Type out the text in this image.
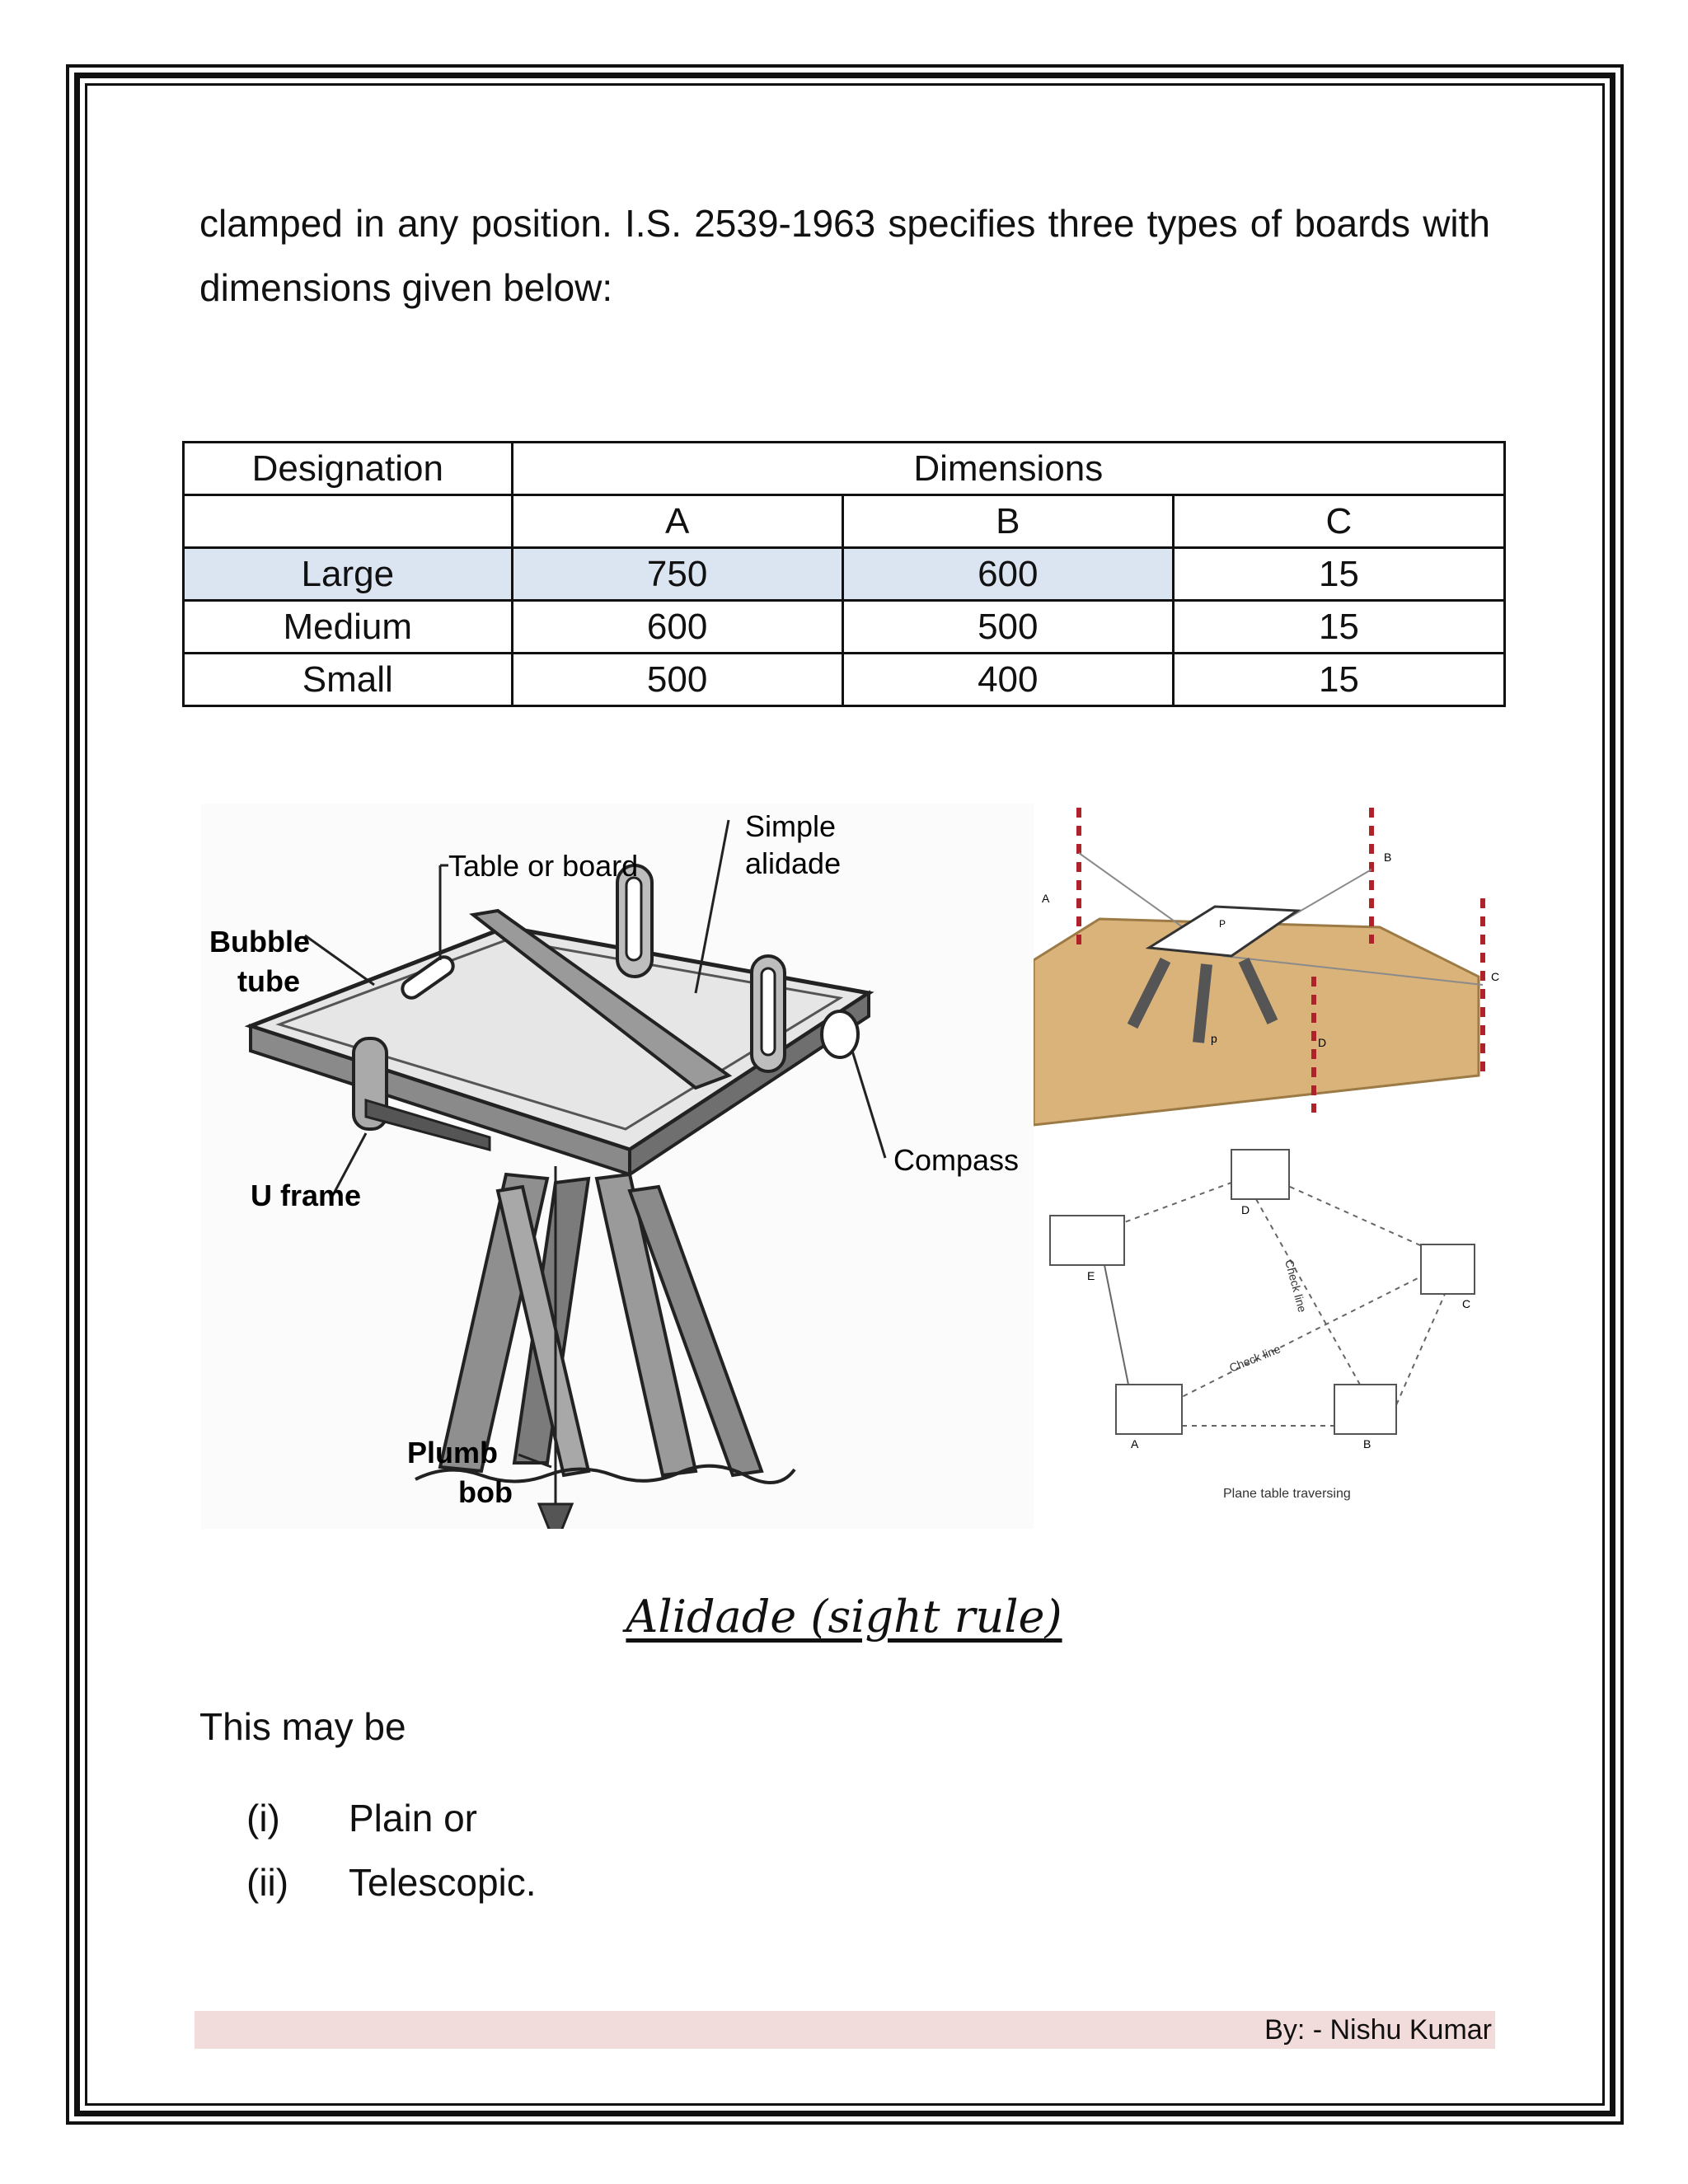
clamped in any position. I.S. 2539-1963 specifies three types of boards with dimensions given below:
Designation	Dimensions		
	A	B	C
Large	750	600	15
Medium	600	500	15
Small	500	400	15
Table or board
Simple
alidade
Bubble
tube
Compass
U frame
Plumb
bob
A
B
C
D
P
p
D
E
C
A	B
Check line
Check line
Plane table traversing
Alidade (sight rule)
This may be
(i) Plain or
(ii) Telescopic.
By: - Nishu Kumar
